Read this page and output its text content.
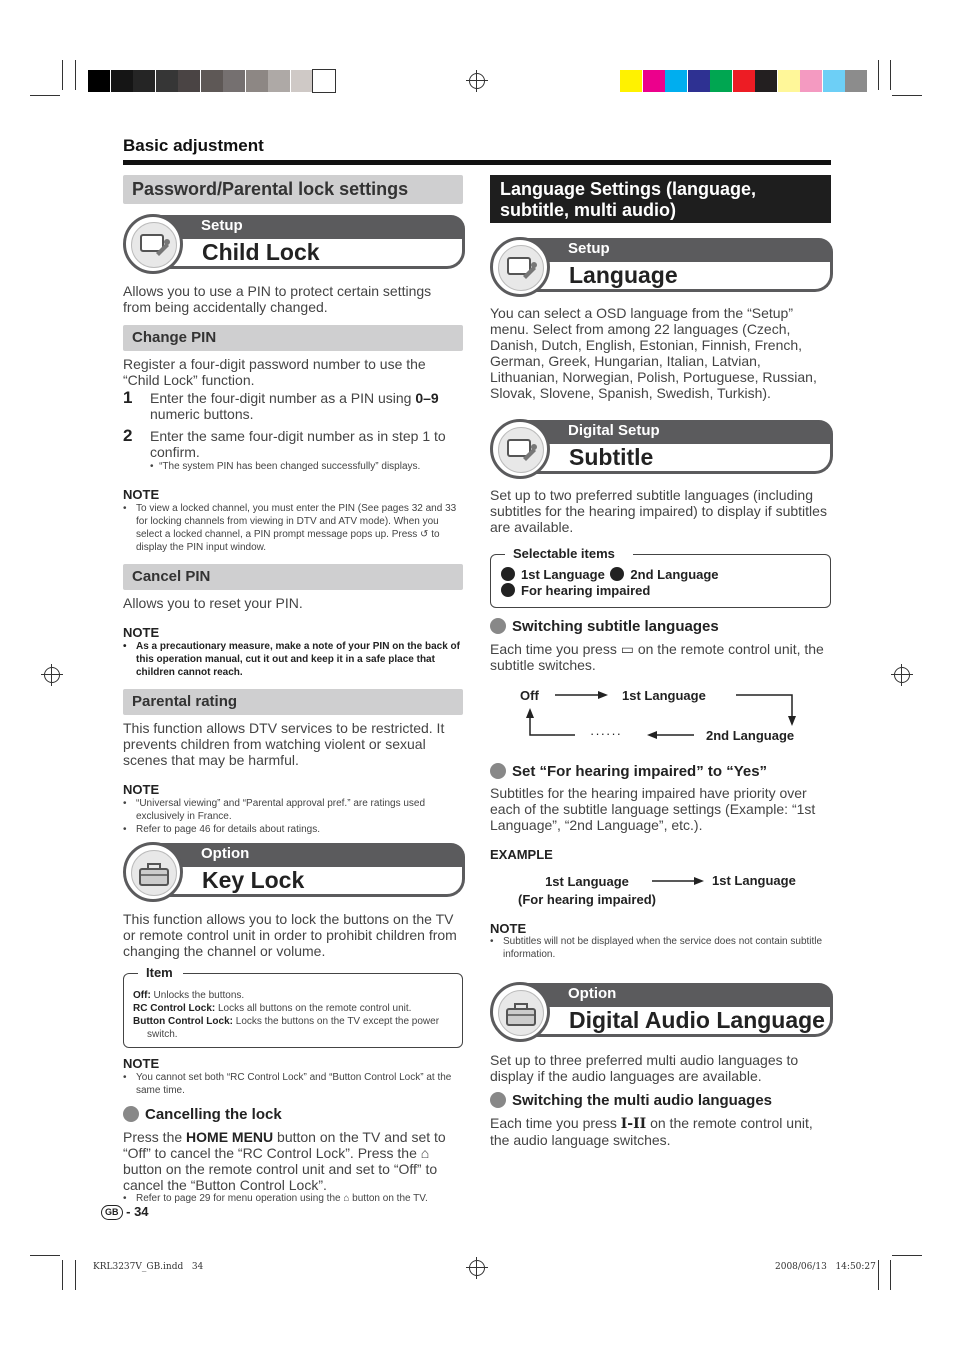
Basic adjustment
Password/Parental lock settings
Setup
Child Lock
Allows you to use a PIN to protect certain settings from being accidentally changed.
Change PIN
Register a four-digit password number to use the “Child Lock” function.
1 Enter the four-digit number as a PIN using 0–9 numeric buttons.
2 Enter the same four-digit number as in step 1 to confirm.
•  “The system PIN has been changed successfully” displays.
NOTE
• To view a locked channel, you must enter the PIN (See pages 32 and 33 for locking channels from viewing in DTV and ATV mode). When you select a locked channel, a PIN prompt message pops up. Press ↺ to display the PIN input window.
Cancel PIN
Allows you to reset your PIN.
NOTE
• As a precautionary measure, make a note of your PIN on the back of this operation manual, cut it out and keep it in a safe place that children cannot reach.
Parental rating
This function allows DTV services to be restricted. It prevents children from watching violent or sexual scenes that may be harmful.
NOTE
• “Universal viewing” and “Parental approval pref.” are ratings used exclusively in France.
• Refer to page 46 for details about ratings.
Option
Key Lock
This function allows you to lock the buttons on the TV or remote control unit in order to prohibit children from changing the channel or volume.
Item
Off: Unlocks the buttons.
RC Control Lock: Locks all buttons on the remote control unit.
Button Control Lock: Locks the buttons on the TV except the power switch.
NOTE
• You cannot set both “RC Control Lock” and “Button Control Lock” at the same time.
Cancelling the lock
Press the HOME MENU button on the TV and set to “Off” to cancel the “RC Control Lock”. Press the ⌂ button on the remote control unit and set to “Off” to cancel the “Button Control Lock”.
• Refer to page 29 for menu operation using the ⌂ button on the TV.
Language Settings (language, subtitle, multi audio)
Setup
Language
You can select a OSD language from the “Setup” menu. Select from among 22 languages (Czech, Danish, Dutch, English, Estonian, Finnish, French, German, Greek, Hungarian, Italian, Latvian, Lithuanian, Norwegian, Polish, Portuguese, Russian, Slovak, Slovene, Spanish, Swedish, Turkish).
Digital Setup
Subtitle
Set up to two preferred subtitle languages (including subtitles for the hearing impaired) to display if subtitles are available.
Selectable items
1st Language 2nd Language
For hearing impaired
Switching subtitle languages
Each time you press ▭ on the remote control unit, the subtitle switches.
Off	1st Language
2nd Language
······
Set “For hearing impaired” to “Yes”
Subtitles for the hearing impaired have priority over each of the subtitle language settings (Example: “1st Language”, “2nd Language”, etc.).
EXAMPLE
1st Language
(For hearing impaired)
1st Language
NOTE
• Subtitles will not be displayed when the service does not contain subtitle information.
Option
Digital Audio Language
Set up to three preferred multi audio languages to display if the audio languages are available.
Switching the multi audio languages
Each time you press I-II on the remote control unit, the audio language switches.
GB - 34
KRL3237V_GB.indd   34	2008/06/13   14:50:27
